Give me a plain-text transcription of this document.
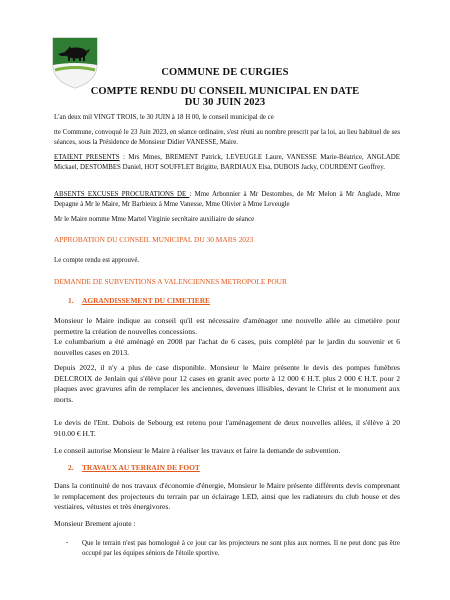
COMMUNE DE CURGIES
COMPTE RENDU DU CONSEIL MUNICIPAL EN DATE
DU 30 JUIN 2023
L'an deux mil VINGT TROIS, le 30 JUIN à 18 H 00, le conseil municipal de ce
tte Commune, convoqué le 23 Juin 2023, en séance ordinaire, s'est réuni au nombre prescrit par la loi, au lieu habituel de ses séances, sous la Présidence de Monsieur Didier VANESSE, Maire.
ETAIENT PRESENTS : Mrs Mmes, BREMENT Patrick, LEVEUGLE Laure, VANESSE Marie-Béatrice, ANGLADE Mickael, DESTOMBES Daniel, HOT SOUFFLET Brigitte, BARDIAUX Elsa, DUBOIS Jacky, COURDENT Geoffrey.
ABSENTS EXCUSES PROCURATIONS DE : Mme Arbonnier à Mr Destombes, de Mr Melon à Mr Anglade, Mme Depagne à Mr le Maire, Mr Barbieux à Mme Vanesse, Mme Olivier à Mme Leveugle
Mr le Maire nomme Mme Martel Virginie secrétaire auxiliaire de séance
APPROBATION DU CONSEIL MUNICIPAL DU 30 MARS 2023
Le compte rendu est approuvé.
DEMANDE DE SUBVENTIONS A VALENCIENNES METROPOLE POUR
1. AGRANDISSEMENT DU CIMETIERE
Monsieur le Maire indique au conseil qu'il est nécessaire d'aménager une nouvelle allée au cimetière pour permettre la création de nouvelles concessions.
Le columbarium a été aménagé en 2008 par l'achat de 6 cases, puis complété par le jardin du souvenir et 6 nouvelles cases en 2013.
Depuis 2022, il n'y a plus de case disponible. Monsieur le Maire présente le devis des pompes funèbres DELCROIX de Jenlain qui s'élève pour 12 cases en granit avec porte à 12 000 € H.T. plus 2 000 € H.T. pour 2 plaques avec gravures afin de remplacer les anciennes, devenues illisibles, devant le Christ et le monument aux morts.
Le devis de l'Ent. Dubois de Sebourg est retenu pour l'aménagement de deux nouvelles allées, il s'élève à 20 910.00 € H.T.
Le conseil autorise Monsieur le Maire à réaliser les travaux et faire la demande de subvention.
2. TRAVAUX AU TERRAIN DE FOOT
Dans la continuité de nos travaux d'économie d'énergie, Monsieur le Maire présente différents devis comprenant le remplacement des projecteurs du terrain par un éclairage LED, ainsi que les radiateurs du club house et des vestiaires, vétustes et très énergivores.
Monsieur Brement ajoute :
- Que le terrain n'est pas homologué à ce jour car les projecteurs ne sont plus aux normes. Il ne peut donc pas être occupé par les équipes séniors de l'étoile sportive.
